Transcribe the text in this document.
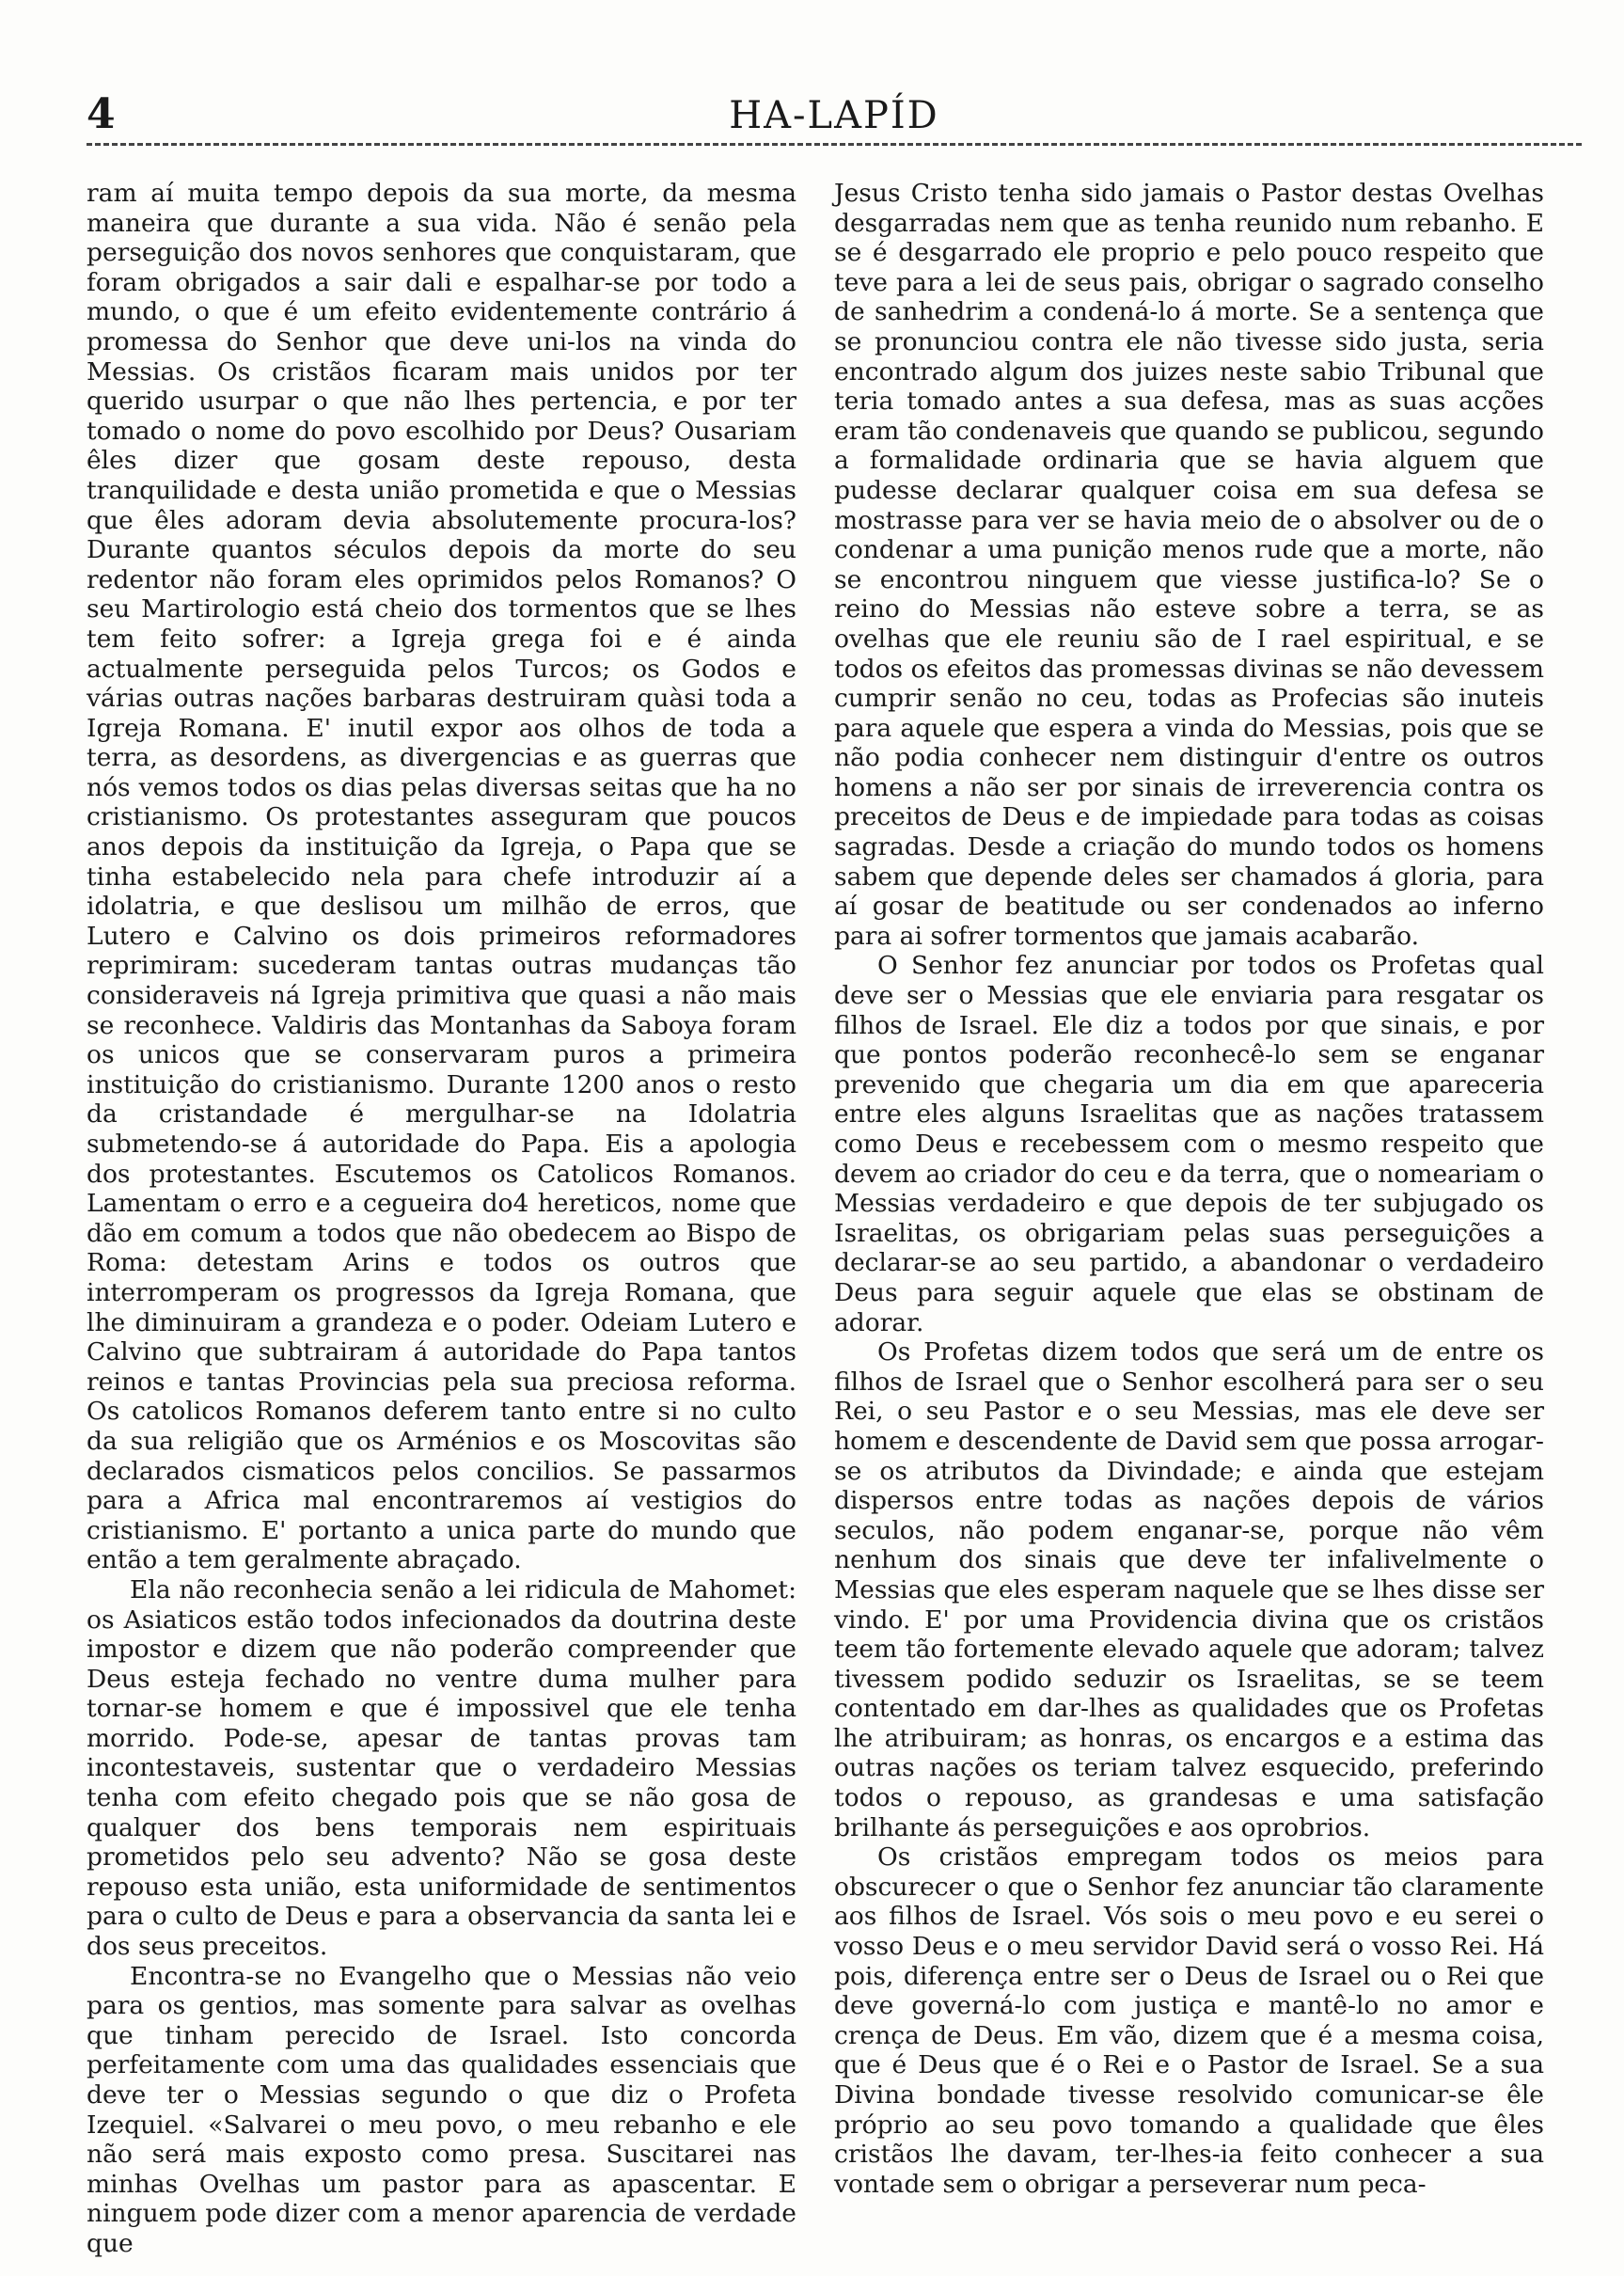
4	HA-LAPÍD

ram aí muita tempo depois da sua morte, da mesma maneira que durante a sua vida. Não é senão pela perseguição dos novos senhores que conquistaram, que foram obrigados a sair dali e espalhar-se por todo a mundo, o que é um efeito evidentemente contrário á promessa do Senhor que deve uni-los na vinda do Messias. Os cristãos ficaram mais unidos por ter querido usurpar o que não lhes pertencia, e por ter tomado o nome do povo escolhido por Deus? Ousariam êles dizer que gosam deste repouso, desta tranquilidade e desta união prometida e que o Messias que êles adoram devia absolutemente procura-los? Durante quantos séculos depois da morte do seu redentor não foram eles oprimidos pelos Romanos? O seu Martirologio está cheio dos tormentos que se lhes tem feito sofrer: a Igreja grega foi e é ainda actualmente perseguida pelos Turcos; os Godos e várias outras nações barbaras destruiram quàsi toda a Igreja Romana. E' inutil expor aos olhos de toda a terra, as desordens, as divergencias e as guerras que nós vemos todos os dias pelas diversas seitas que ha no cristianismo. Os protestantes asseguram que poucos anos depois da instituição da Igreja, o Papa que se tinha estabelecido nela para chefe introduzir aí a idolatria, e que deslisou um milhão de erros, que Lutero e Calvino os dois primeiros reformadores reprimiram: sucederam tantas outras mudanças tão consideraveis ná Igreja primitiva que quasi a não mais se reconhece. Valdiris das Montanhas da Saboya foram os unicos que se conservaram puros a primeira instituição do cristianismo. Durante 1200 anos o resto da cristandade é mergulhar-se na Idolatria submetendo-se á autoridade do Papa. Eis a apologia dos protestantes. Escutemos os Catolicos Romanos. Lamentam o erro e a cegueira do4 hereticos, nome que dão em comum a todos que não obedecem ao Bispo de Roma: detestam Arins e todos os outros que interromperam os progressos da Igreja Romana, que lhe diminuiram a grandeza e o poder. Odeiam Lutero e Calvino que subtrairam á autoridade do Papa tantos reinos e tantas Provincias pela sua preciosa reforma. Os catolicos Romanos deferem tanto entre si no culto da sua religião que os Arménios e os Moscovitas são declarados cismaticos pelos concilios. Se passarmos para a Africa mal encontraremos aí vestigios do cristianismo. E' portanto a unica parte do mundo que então a tem geralmente abraçado.

Ela não reconhecia senão a lei ridicula de Mahomet: os Asiaticos estão todos infecionados da doutrina deste impostor e dizem que não poderão compreender que Deus esteja fechado no ventre duma mulher para tornar-se homem e que é impossivel que ele tenha morrido. Pode-se, apesar de tantas provas tam incontestaveis, sustentar que o verdadeiro Messias tenha com efeito chegado pois que se não gosa de qualquer dos bens temporais nem espirituais prometidos pelo seu advento? Não se gosa deste repouso esta união, esta uniformidade de sentimentos para o culto de Deus e para a observancia da santa lei e dos seus preceitos.

Encontra-se no Evangelho que o Messias não veio para os gentios, mas somente para salvar as ovelhas que tinham perecido de Israel. Isto concorda perfeitamente com uma das qualidades essenciais que deve ter o Messias segundo o que diz o Profeta Izequiel. «Salvarei o meu povo, o meu rebanho e ele não será mais exposto como presa. Suscitarei nas minhas Ovelhas um pastor para as apascentar. E ninguem pode dizer com a menor aparencia de verdade que

Jesus Cristo tenha sido jamais o Pastor destas Ovelhas desgarradas nem que as tenha reunido num rebanho. E se é desgarrado ele proprio e pelo pouco respeito que teve para a lei de seus pais, obrigar o sagrado conselho de sanhedrim a condená-lo á morte. Se a sentença que se pronunciou contra ele não tivesse sido justa, seria encontrado algum dos juizes neste sabio Tribunal que teria tomado antes a sua defesa, mas as suas acções eram tão condenaveis que quando se publicou, segundo a formalidade ordinaria que se havia alguem que pudesse declarar qualquer coisa em sua defesa se mostrasse para ver se havia meio de o absolver ou de o condenar a uma punição menos rude que a morte, não se encontrou ninguem que viesse justifica-lo? Se o reino do Messias não esteve sobre a terra, se as ovelhas que ele reuniu são de I rael espiritual, e se todos os efeitos das promessas divinas se não devessem cumprir senão no ceu, todas as Profecias são inuteis para aquele que espera a vinda do Messias, pois que se não podia conhecer nem distinguir d'entre os outros homens a não ser por sinais de irreverencia contra os preceitos de Deus e de impiedade para todas as coisas sagradas. Desde a criação do mundo todos os homens sabem que depende deles ser chamados á gloria, para aí gosar de beatitude ou ser condenados ao inferno para ai sofrer tormentos que jamais acabarão.

O Senhor fez anunciar por todos os Profetas qual deve ser o Messias que ele enviaria para resgatar os filhos de Israel. Ele diz a todos por que sinais, e por que pontos poderão reconhecê-lo sem se enganar prevenido que chegaria um dia em que apareceria entre eles alguns Israelitas que as nações tratassem como Deus e recebessem com o mesmo respeito que devem ao criador do ceu e da terra, que o nomeariam o Messias verdadeiro e que depois de ter subjugado os Israelitas, os obrigariam pelas suas perseguições a declarar-se ao seu partido, a abandonar o verdadeiro Deus para seguir aquele que elas se obstinam de adorar.

Os Profetas dizem todos que será um de entre os filhos de Israel que o Senhor escolherá para ser o seu Rei, o seu Pastor e o seu Messias, mas ele deve ser homem e descendente de David sem que possa arrogar-se os atributos da Divindade; e ainda que estejam dispersos entre todas as nações depois de vários seculos, não podem enganar-se, porque não vêm nenhum dos sinais que deve ter infalivelmente o Messias que eles esperam naquele que se lhes disse ser vindo. E' por uma Providencia divina que os cristãos teem tão fortemente elevado aquele que adoram; talvez tivessem podido seduzir os Israelitas, se se teem contentado em dar-lhes as qualidades que os Profetas lhe atribuiram; as honras, os encargos e a estima das outras nações os teriam talvez esquecido, preferindo todos o repouso, as grandesas e uma satisfação brilhante ás perseguições e aos oprobrios.

Os cristãos empregam todos os meios para obscurecer o que o Senhor fez anunciar tão claramente aos filhos de Israel. Vós sois o meu povo e eu serei o vosso Deus e o meu servidor David será o vosso Rei. Há pois, diferença entre ser o Deus de Israel ou o Rei que deve governá-lo com justiça e mantê-lo no amor e crença de Deus. Em vão, dizem que é a mesma coisa, que é Deus que é o Rei e o Pastor de Israel. Se a sua Divina bondade tivesse resolvido comunicar-se êle próprio ao seu povo tomando a qualidade que êles cristãos lhe davam, ter-lhes-ia feito conhecer a sua vontade sem o obrigar a perseverar num peca-
